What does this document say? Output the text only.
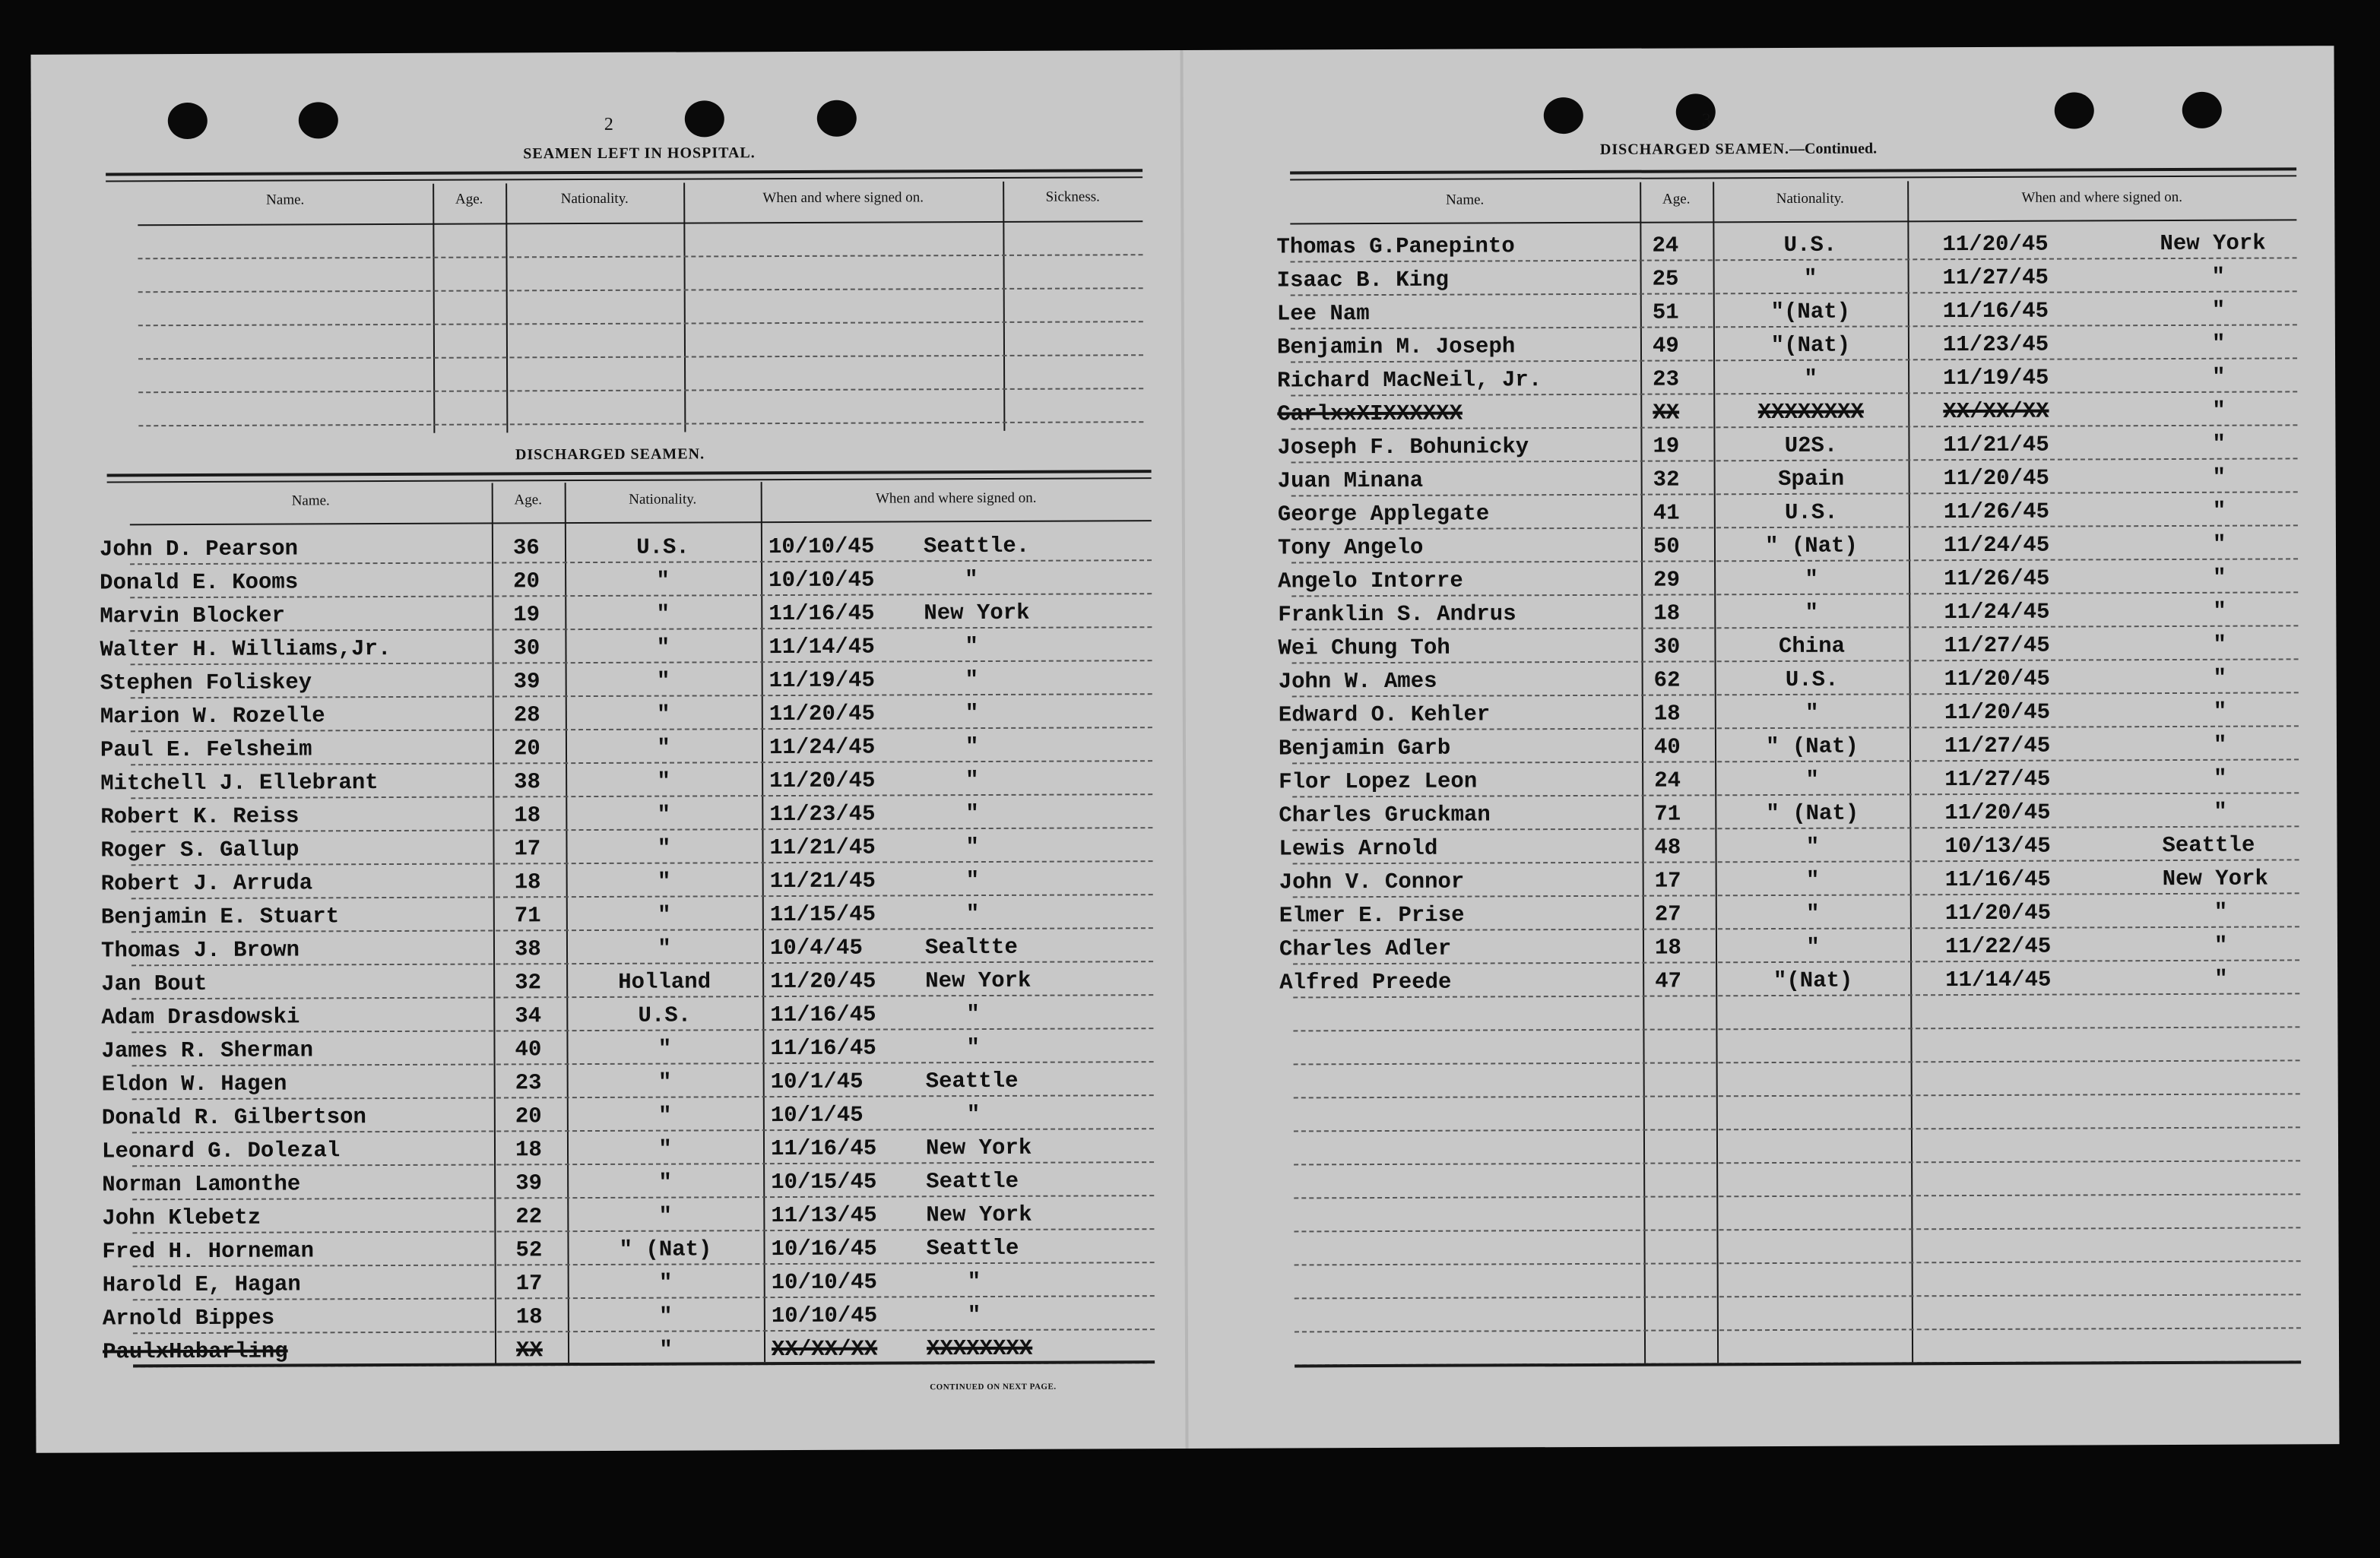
2
SEAMEN LEFT IN HOSPITAL.
Name.	Age.	Nationality.	When and where signed on.	Sickness.
DISCHARGED SEAMEN.
Name.	Age.	Nationality.	When and where signed on.
John D. Pearson	36	U.S.	10/10/45 Seattle.
Donald E. Kooms	20	"	10/10/45	"
Marvin Blocker	19	"	11/16/45 New York
Walter H. Williams,Jr.	30	"	11/14/45	"
Stephen Foliskey	39	"	11/19/45	"
Marion W. Rozelle	28	"	11/20/45	"
Paul E. Felsheim	20	"	11/24/45	"
Mitchell J. Ellebrant	38	"	11/20/45	"
Robert K. Reiss	18	"	11/23/45	"
Roger S. Gallup	17	"	11/21/45	"
Robert J. Arruda	18	"	11/21/45	"
Benjamin E. Stuart	71	"	11/15/45	"
Thomas J. Brown	38	"	10/4/45	Sealtte
Jan Bout	32	Holland	11/20/45 New York
Adam Drasdowski	34	U.S.	11/16/45	"
James R. Sherman	40	"	11/16/45	"
Eldon W. Hagen	23	"	10/1/45	Seattle
Donald R. Gilbertson	20	"	10/1/45	"
Leonard G. Dolezal	18	"	11/16/45 New York
Norman Lamonthe	39	"	10/15/45 Seattle
John Klebetz	22	"	11/13/45 New York
Fred H. Horneman	52	" (Nat)	10/16/45 Seattle
Harold E, Hagan	17	"	10/10/45	"
Arnold Bippes	18	"	10/10/45	"
PaulxHabarling	XX	"	XX/XX/XX XXXXXXXX
CONTINUED ON NEXT PAGE.
3
DISCHARGED SEAMEN.—Continued.
Name.	Age.	Nationality.	When and where signed on.
Thomas G.Panepinto	24	U.S.	11/20/45	New York
Isaac B. King	25	"	11/27/45	"
Lee Nam	51	"(Nat)	11/16/45	"
Benjamin M. Joseph	49	"(Nat)	11/23/45	"
Richard MacNeil, Jr.	23	"	11/19/45	"
CarlxxXIXXXXXX	XX	XXXXXXXX	XX/XX/XX	"
Joseph F. Bohunicky	19	U2S.	11/21/45	"
Juan Minana	32	Spain	11/20/45	"
George Applegate	41	U.S.	11/26/45	"
Tony Angelo	50	" (Nat)	11/24/45	"
Angelo Intorre	29	"	11/26/45	"
Franklin S. Andrus	18	"	11/24/45	"
Wei Chung Toh	30	China	11/27/45	"
John W. Ames	62	U.S.	11/20/45	"
Edward O. Kehler	18	"	11/20/45	"
Benjamin Garb	40	" (Nat)	11/27/45	"
Flor Lopez Leon	24	"	11/27/45	"
Charles Gruckman	71	" (Nat)	11/20/45	"
Lewis Arnold	48	"	10/13/45	Seattle
John V. Connor	17	"	11/16/45	New York
Elmer E. Prise	27	"	11/20/45	"
Charles Adler	18	"	11/22/45	"
Alfred Preede	47	"(Nat)	11/14/45	"
